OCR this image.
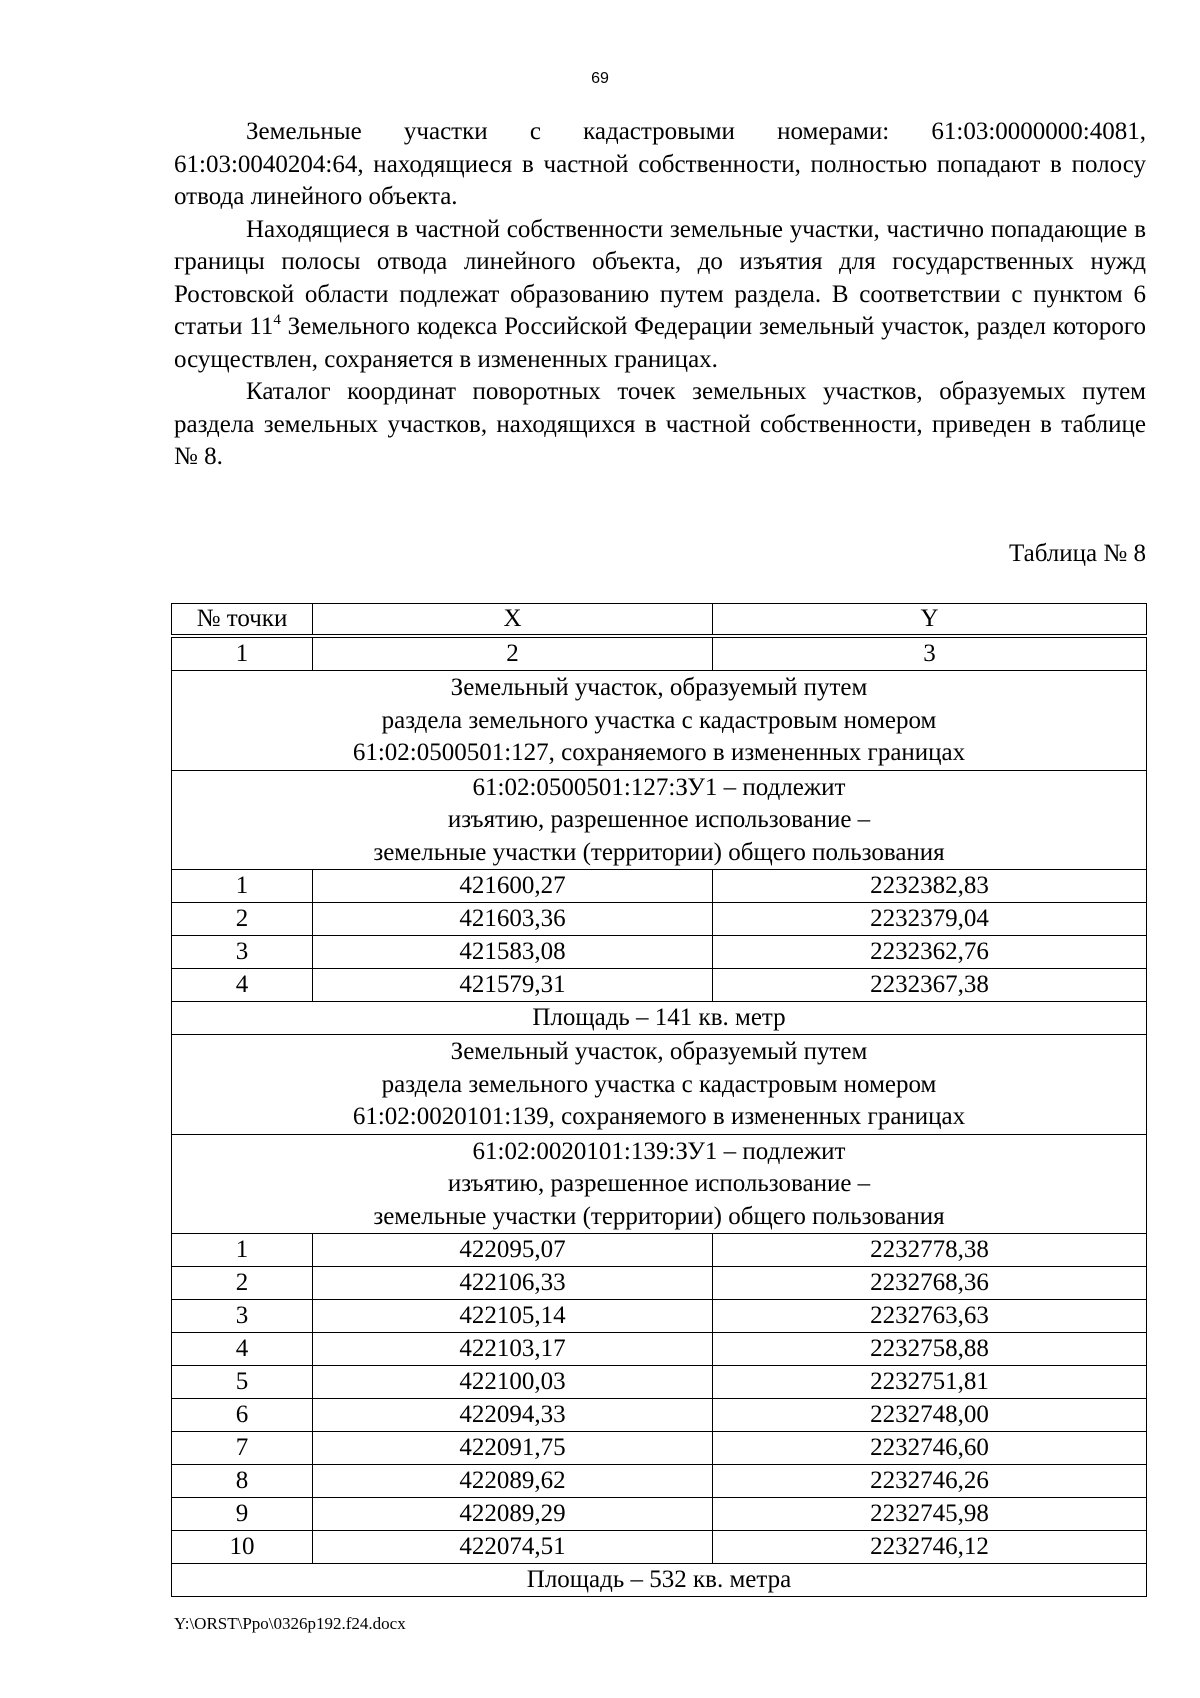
69

Земельные участки с кадастровыми номерами: 61:03:0000000:4081, 61:03:0040204:64, находящиеся в частной собственности, полностью попадают в полосу отвода линейного объекта.

Находящиеся в частной собственности земельные участки, частично попадающие в границы полосы отвода линейного объекта, до изъятия для государственных нужд Ростовской области подлежат образованию путем раздела. В соответствии с пунктом 6 статьи $11^4$ Земельного кодекса Российской Федерации земельный участок, раздел которого осуществлен, сохраняется в измененных границах.

Каталог координат поворотных точек земельных участков, образуемых путем раздела земельных участков, находящихся в частной собственности, приведен в таблице № 8.

Таблица № 8
№ точки	X	Y
1	2	3

Земельный участок, образуемый путем
раздела земельного участка с кадастровым номером
61:02:0500501:127, сохраняемого в измененных границах		

61:02:0500501:127:ЗУ1 – подлежит
изъятию, разрешенное использование –
земельные участки (территории) общего пользования		

1	421600,27	2232382,83
2	421603,36	2232379,04
3	421583,08	2232362,76
4	421579,31	2232367,38
Площадь – 141 кв. метр		

Земельный участок, образуемый путем
раздела земельного участка с кадастровым номером
61:02:0020101:139, сохраняемого в измененных границах		

61:02:0020101:139:ЗУ1 – подлежит
изъятию, разрешенное использование –
земельные участки (территории) общего пользования		

1	422095,07	2232778,38
2	422106,33	2232768,36
3	422105,14	2232763,63
4	422103,17	2232758,88
5	422100,03	2232751,81
6	422094,33	2232748,00
7	422091,75	2232746,60
8	422089,62	2232746,26
9	422089,29	2232745,98
10	422074,51	2232746,12
Площадь – 532 кв. метра		
Y:\ORST\Ppo\0326p192.f24.docx
